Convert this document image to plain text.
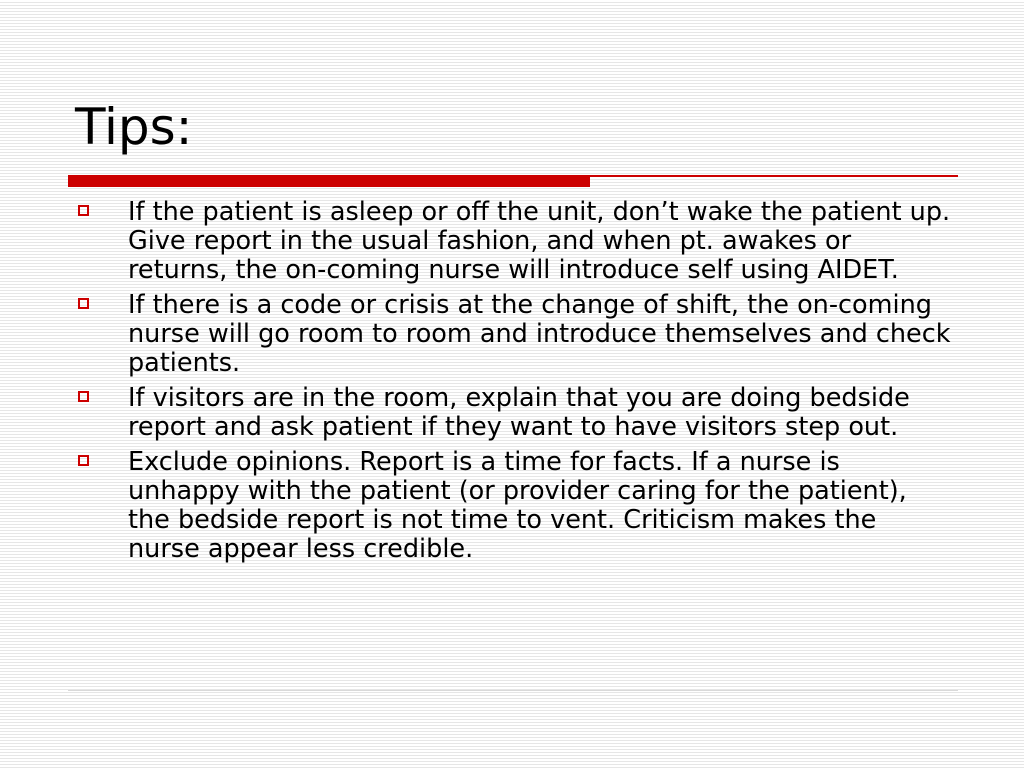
Tips:
If the patient is asleep or off the unit, don’t wake the patient up. Give report in the usual fashion, and when pt. awakes or returns, the on-coming nurse will introduce self using AIDET.
If there is a code or crisis at the change of shift, the on-coming nurse will go room to room and introduce themselves and check patients.
If visitors are in the room, explain that you are doing bedside report and ask patient if they want to have visitors step out.
Exclude opinions. Report is a time for facts. If a nurse is unhappy with the patient (or provider caring for the patient), the bedside report is not time to vent. Criticism makes the nurse appear less credible.
